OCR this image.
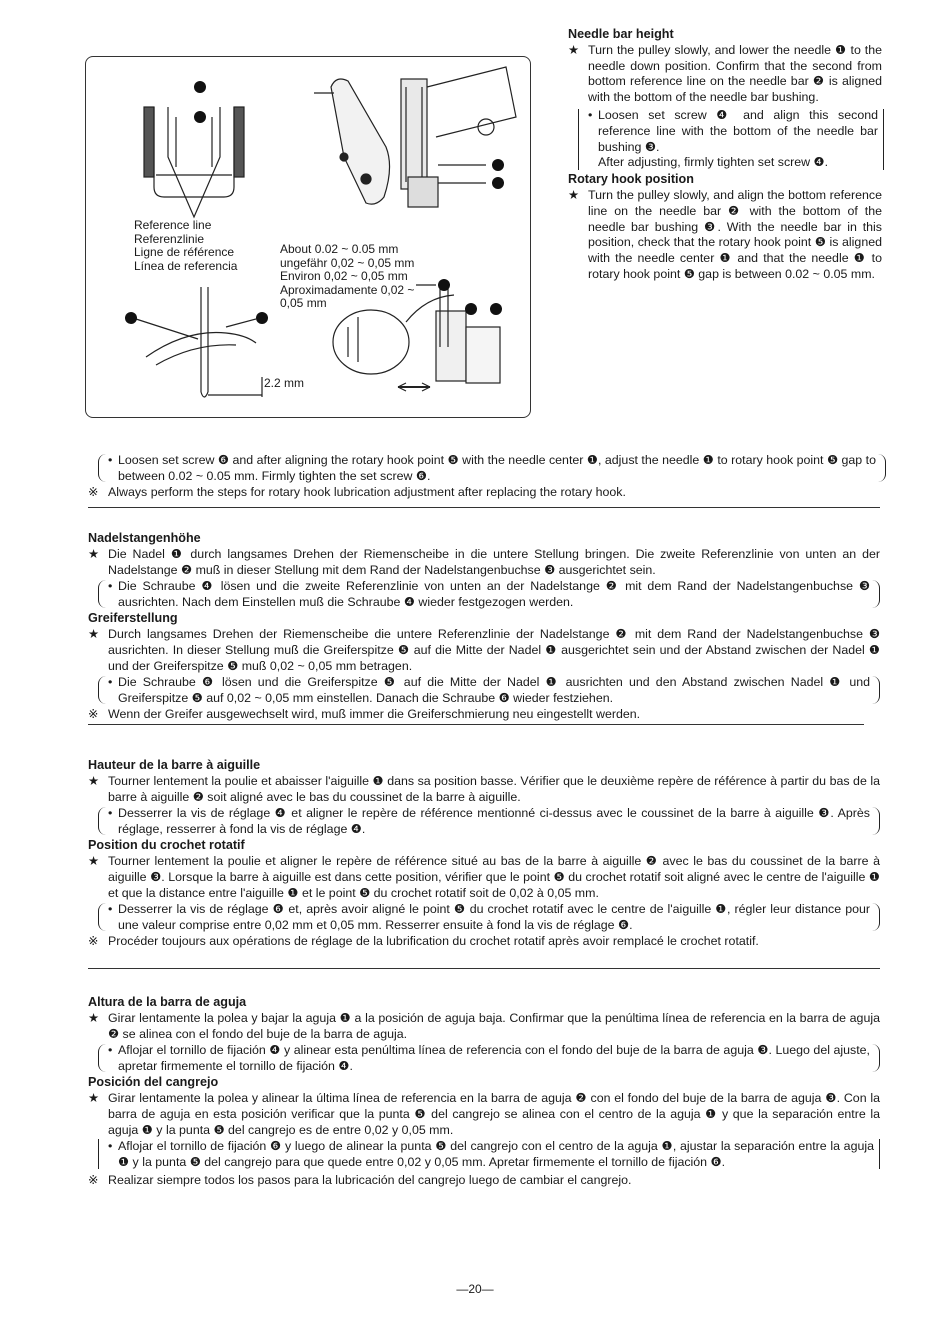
Reference line
Referenzlinie
Ligne de référence
Línea de referencia
About 0.02 ~ 0.05 mm
ungefähr 0,02 ~ 0,05 mm
Environ 0,02 ~ 0,05 mm
Aproximadamente 0,02 ~
0,05 mm
2.2 mm
Needle bar height
★ Turn the pulley slowly, and lower the needle ❶ to the needle down position. Confirm that the second from bottom reference line on the needle bar ❷ is aligned with the bottom of the needle bar bushing.
• Loosen set screw ❹ and align this second reference line with the bottom of the needle bar bushing ❸.
After adjusting, firmly tighten set screw ❹.
Rotary hook position
★ Turn the pulley slowly, and align the bottom reference line on the needle bar ❷ with the bottom of the needle bar bushing ❸. With the needle bar in this position, check that the rotary hook point ❺ is aligned with the needle center ❶ and that the needle ❶ to rotary hook point ❺ gap is between 0.02 ~ 0.05 mm.
• Loosen set screw ❻ and after aligning the rotary hook point ❺ with the needle center ❶, adjust the needle ❶ to rotary hook point ❺ gap to between 0.02 ~ 0.05 mm. Firmly tighten the set screw ❻.
※ Always perform the steps for rotary hook lubrication adjustment after replacing the rotary hook.
Nadelstangenhöhe
★ Die Nadel ❶ durch langsames Drehen der Riemenscheibe in die untere Stellung bringen. Die zweite Referenzlinie von unten an der Nadelstange ❷ muß in dieser Stellung mit dem Rand der Nadelstangenbuchse ❸ ausgerichtet sein.
• Die Schraube ❹ lösen und die zweite Referenzlinie von unten an der Nadelstange ❷ mit dem Rand der Nadelstangenbuchse ❸ ausrichten. Nach dem Einstellen muß die Schraube ❹ wieder festgezogen werden.
Greiferstellung
★ Durch langsames Drehen der Riemenscheibe die untere Referenzlinie der Nadelstange ❷ mit dem Rand der Nadelstangenbuchse ❸ ausrichten. In dieser Stellung muß die Greiferspitze ❺ auf die Mitte der Nadel ❶ ausgerichtet sein und der Abstand zwischen der Nadel ❶ und der Greiferspitze ❺ muß 0,02 ~ 0,05 mm betragen.
• Die Schraube ❻ lösen und die Greiferspitze ❺ auf die Mitte der Nadel ❶ ausrichten und den Abstand zwischen Nadel ❶ und Greiferspitze ❺ auf 0,02 ~ 0,05 mm einstellen. Danach die Schraube ❻ wieder festziehen.
※ Wenn der Greifer ausgewechselt wird, muß immer die Greiferschmierung neu eingestellt werden.
Hauteur de la barre à aiguille
★ Tourner lentement la poulie et abaisser l'aiguille ❶ dans sa position basse. Vérifier que le deuxième repère de référence à partir du bas de la barre à aiguille ❷ soit aligné avec le bas du coussinet de la barre à aiguille.
• Desserrer la vis de réglage ❹ et aligner le repère de référence mentionné ci-dessus avec le coussinet de la barre à aiguille ❸. Après réglage, resserrer à fond la vis de réglage ❹.
Position du crochet rotatif
★ Tourner lentement la poulie et aligner le repère de référence situé au bas de la barre à aiguille ❷ avec le bas du coussinet de la barre à aiguille ❸. Lorsque la barre à aiguille est dans cette position, vérifier que le point ❺ du crochet rotatif soit aligné avec le centre de l'aiguille ❶ et que la distance entre l'aiguille ❶ et le point ❺ du crochet rotatif soit de 0,02 à 0,05 mm.
• Desserrer la vis de réglage ❻ et, après avoir aligné le point ❺ du crochet rotatif avec le centre de l'aiguille ❶, régler leur distance pour une valeur comprise entre 0,02 mm et 0,05 mm. Resserrer ensuite à fond la vis de réglage ❻.
※ Procéder toujours aux opérations de réglage de la lubrification du crochet rotatif après avoir remplacé le crochet rotatif.
Altura de la barra de aguja
★ Girar lentamente la polea y bajar la aguja ❶ a la posición de aguja baja. Confirmar que la penúltima línea de referencia en la barra de aguja ❷ se alinea con el fondo del buje de la barra de aguja.
• Aflojar el tornillo de fijación ❹ y alinear esta penúltima línea de referencia con el fondo del buje de la barra de aguja ❸. Luego del ajuste, apretar firmemente el tornillo de fijación ❹.
Posición del cangrejo
★ Girar lentamente la polea y alinear la última línea de referencia en la barra de aguja ❷ con el fondo del buje de la barra de aguja ❸. Con la barra de aguja en esta posición verificar que la punta ❺ del cangrejo se alinea con el centro de la aguja ❶ y que la separación entre la aguja ❶ y la punta ❺ del cangrejo es de entre 0,02 y 0,05 mm.
• Aflojar el tornillo de fijación ❻ y luego de alinear la punta ❺ del cangrejo con el centro de la aguja ❶, ajustar la separación entre la aguja ❶ y la punta ❺ del cangrejo para que quede entre 0,02 y 0,05 mm. Apretar firmemente el tornillo de fijación ❻.
※ Realizar siempre todos los pasos para la lubricación del cangrejo luego de cambiar el cangrejo.
—20—
